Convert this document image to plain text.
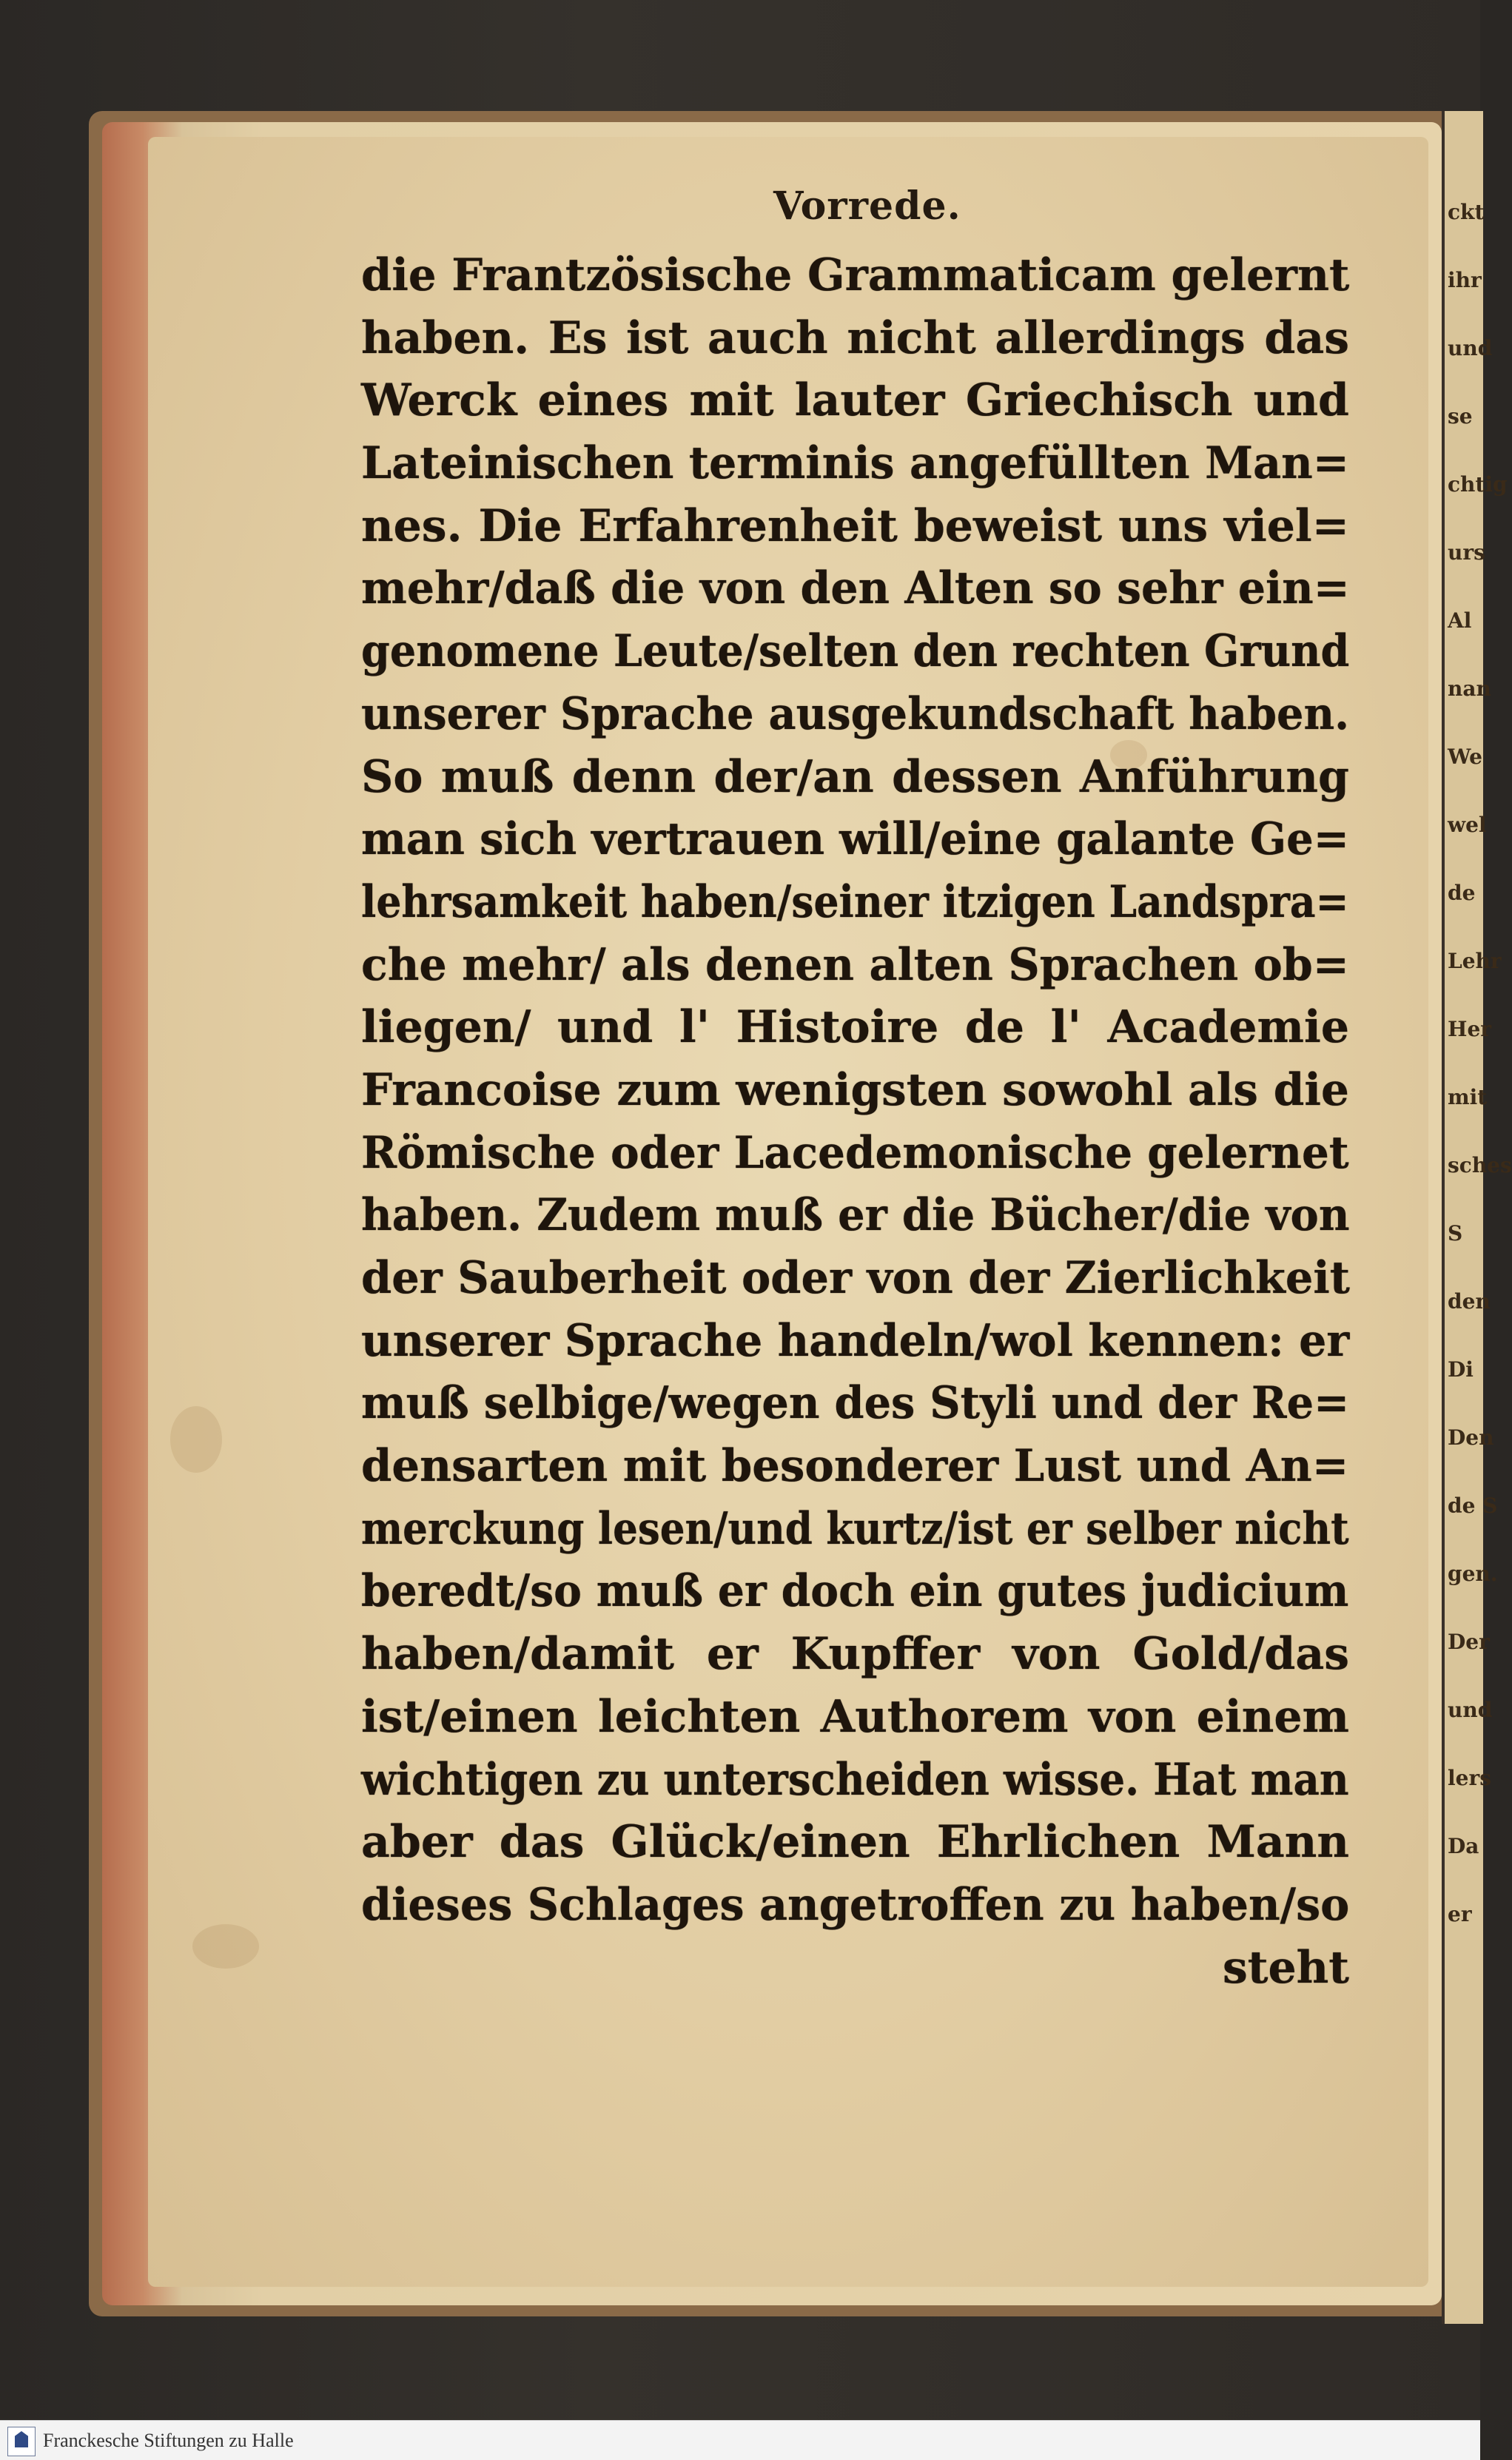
ckt
ihr
und
se
chtig
urs
Al
nan
We
wel
de
Lehr
Her
mit
sches
S
den
Di
Den
de S
gen.
Der
und
lers
Da
er
Vorrede.
die Frantzösische Grammaticam gelernt
haben. Es ist auch nicht allerdings das
Werck eines mit lauter Griechisch und
Lateinischen terminis angefüllten Man=
nes. Die Erfahrenheit beweist uns viel=
mehr/daß die von den Alten so sehr ein=
genomene Leute/selten den rechten Grund
unserer Sprache ausgekundschaft haben.
So muß denn der/an dessen Anführung
man sich vertrauen will/eine galante Ge=
lehrsamkeit haben/seiner itzigen Landspra=
che mehr/ als denen alten Sprachen ob=
liegen/ und l' Histoire de l' Academie
Francoise zum wenigsten sowohl als die
Römische oder Lacedemonische gelernet
haben. Zudem muß er die Bücher/die von
der Sauberheit oder von der Zierlichkeit
unserer Sprache handeln/wol kennen: er
muß selbige/wegen des Styli und der Re=
densarten mit besonderer Lust und An=
merckung lesen/und kurtz/ist er selber nicht
beredt/so muß er doch ein gutes judicium
haben/damit er Kupffer von Gold/das
ist/einen leichten Authorem von einem
wichtigen zu unterscheiden wisse. Hat man
aber das Glück/einen Ehrlichen Mann
dieses Schlages angetroffen zu haben/so
steht
Franckesche Stiftungen zu Halle
